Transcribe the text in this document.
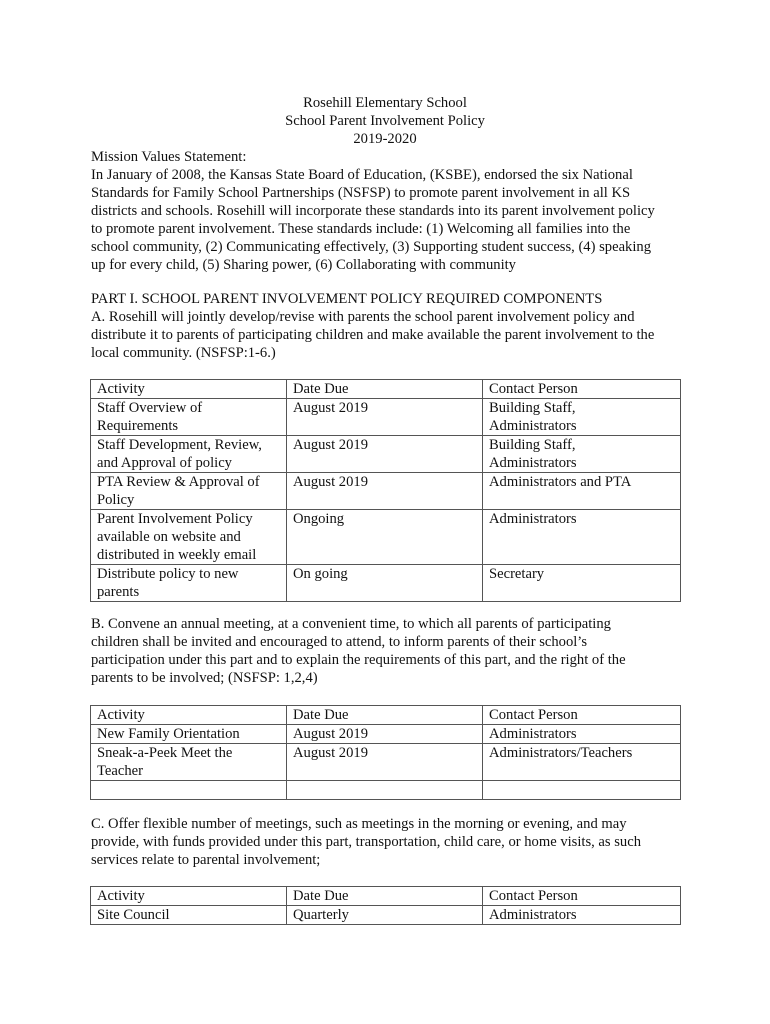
Rosehill Elementary School
School Parent Involvement Policy
2019-2020
Mission Values Statement:
In January of 2008, the Kansas State Board of Education, (KSBE), endorsed the six National
Standards for Family School Partnerships (NSFSP) to promote parent involvement in all KS
districts and schools. Rosehill will incorporate these standards into its parent involvement policy
to promote parent involvement. These standards include: (1) Welcoming all families into the
school community, (2) Communicating effectively, (3) Supporting student success, (4) speaking
up for every child, (5) Sharing power, (6) Collaborating with community
PART I. SCHOOL PARENT INVOLVEMENT POLICY REQUIRED COMPONENTS
A. Rosehill will jointly develop/revise with parents the school parent involvement policy and
distribute it to parents of participating children and make available the parent involvement to the
local community. (NSFSP:1-6.)
Activity	Date Due	Contact Person

Staff Overview of
Requirements	August 2019	Building Staff,
Administrators

Staff Development, Review,
and Approval of policy	August 2019	Building Staff,
Administrators

PTA Review & Approval of
Policy	August 2019	Administrators and PTA

Parent Involvement Policy
available on website and
distributed in weekly email	Ongoing	Administrators

Distribute policy to new
parents	On going	Secretary
B. Convene an annual meeting, at a convenient time, to which all parents of participating
children shall be invited and encouraged to attend, to inform parents of their school’s
participation under this part and to explain the requirements of this part, and the right of the
parents to be involved; (NSFSP: 1,2,4)
Activity	Date Due	Contact Person

New Family Orientation	August 2019	Administrators

Sneak-a-Peek Meet the
Teacher	August 2019	Administrators/Teachers

C. Offer flexible number of meetings, such as meetings in the morning or evening, and may
provide, with funds provided under this part, transportation, child care, or home visits, as such
services relate to parental involvement;
Activity	Date Due	Contact Person

Site Council	Quarterly	Administrators
